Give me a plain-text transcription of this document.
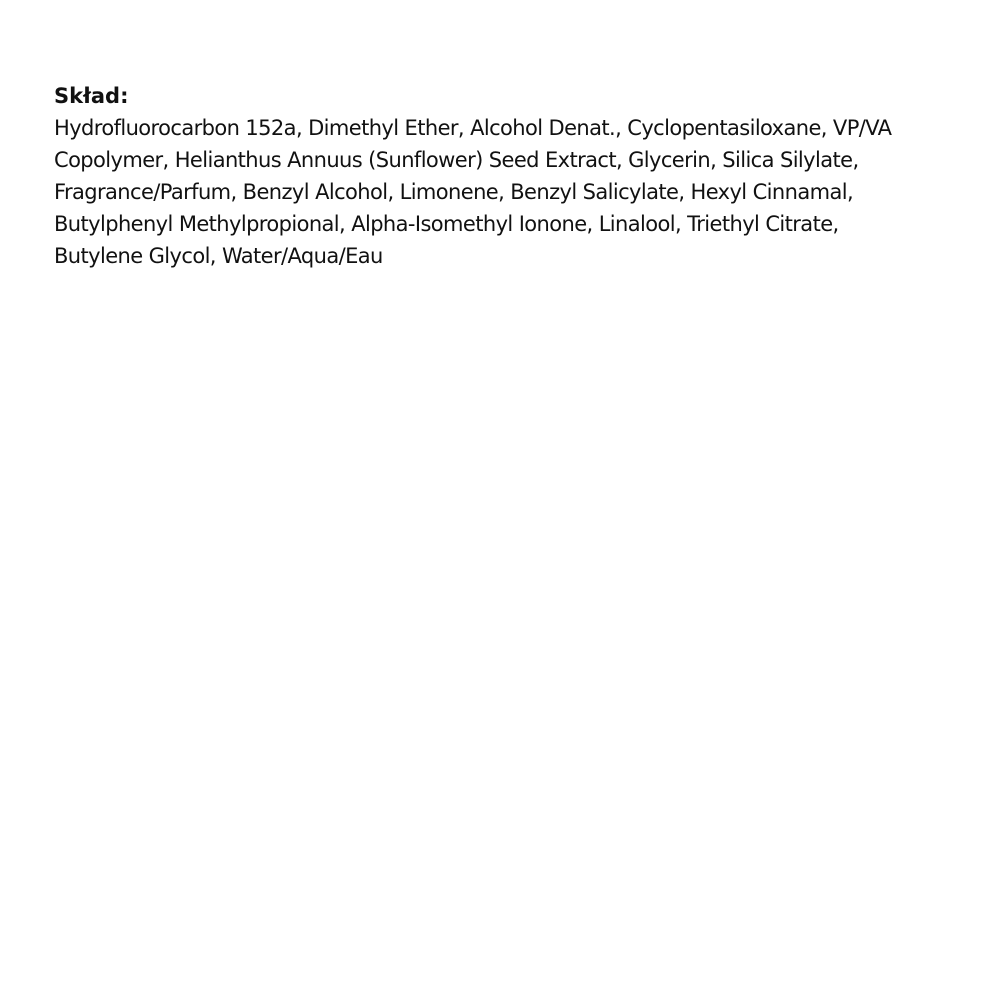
Skład:

Hydrofluorocarbon 152a, Dimethyl Ether, Alcohol Denat., Cyclopentasiloxane, VP/VA

Copolymer, Helianthus Annuus (Sunflower) Seed Extract, Glycerin, Silica Silylate,

Fragrance/Parfum, Benzyl Alcohol, Limonene, Benzyl Salicylate, Hexyl Cinnamal,

Butylphenyl Methylpropional, Alpha-Isomethyl Ionone, Linalool, Triethyl Citrate,

Butylene Glycol, Water/Aqua/Eau
